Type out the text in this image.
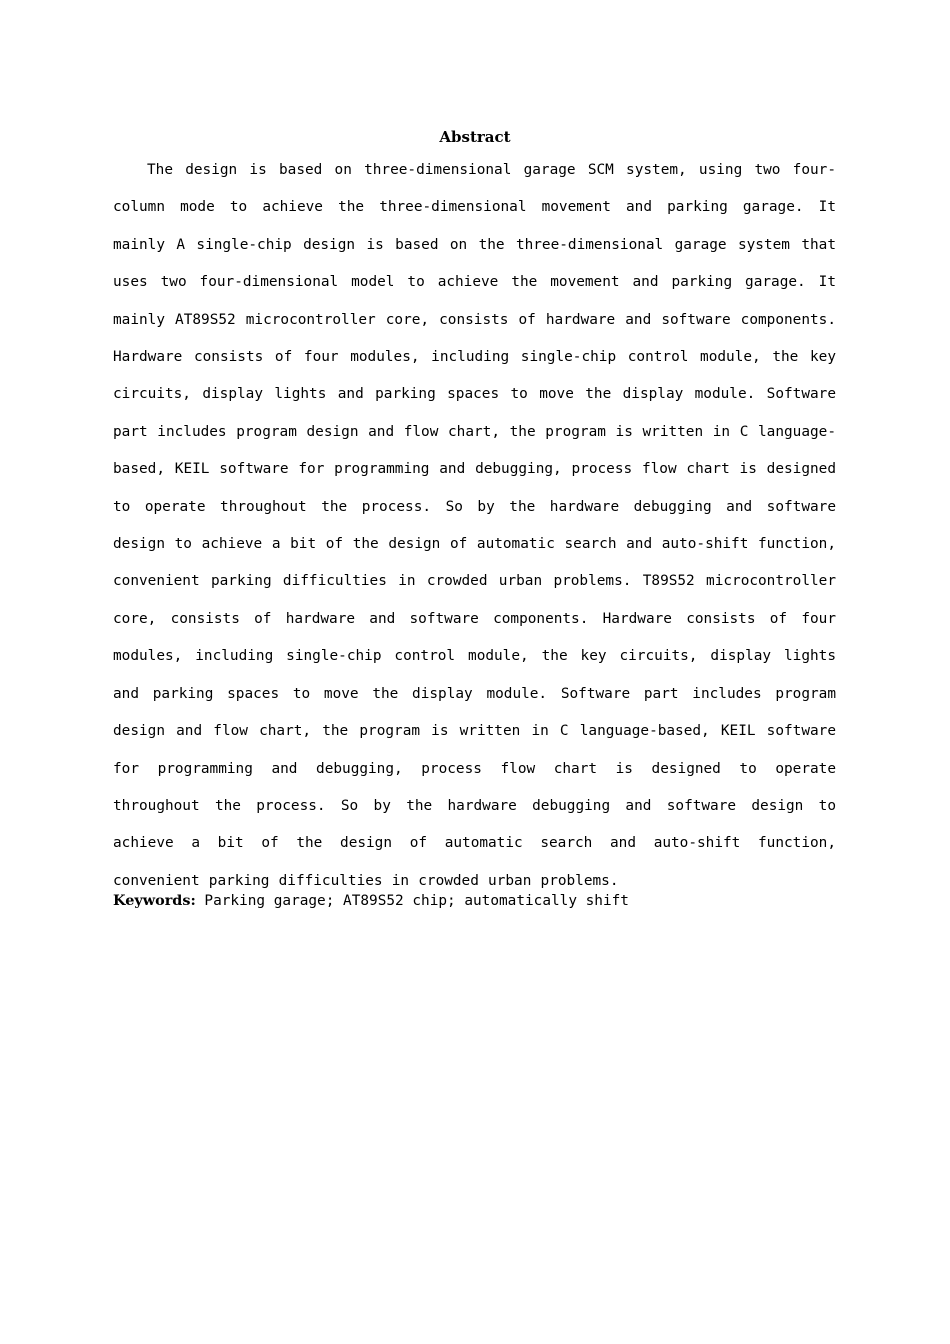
Abstract

The design is based on three-dimensional garage SCM system, using two four-column mode to achieve the three-dimensional movement and parking garage. It mainly A single-chip design is based on the three-dimensional garage system that uses two four-dimensional model to achieve the movement and parking garage. It mainly AT89S52 microcontroller core, consists of hardware and software components. Hardware consists of four modules, including single-chip control module, the key circuits, display lights and parking spaces to move the display module. Software part includes program design and flow chart, the program is written in C language-based, KEIL software for programming and debugging, process flow chart is designed to operate throughout the process. So by the hardware debugging and software design to achieve a bit of the design of automatic search and auto-shift function, convenient parking difficulties in crowded urban problems. T89S52 microcontroller core, consists of hardware and software components. Hardware consists of four modules, including single-chip control module, the key circuits, display lights and parking spaces to move the display module. Software part includes program design and flow chart, the program is written in C language-based, KEIL software for programming and debugging, process flow chart is designed to operate throughout the process. So by the hardware debugging and software design to achieve a bit of the design of automatic search and auto-shift function, convenient parking difficulties in crowded urban problems.

Keywords: Parking garage; AT89S52 chip; automatically shift
